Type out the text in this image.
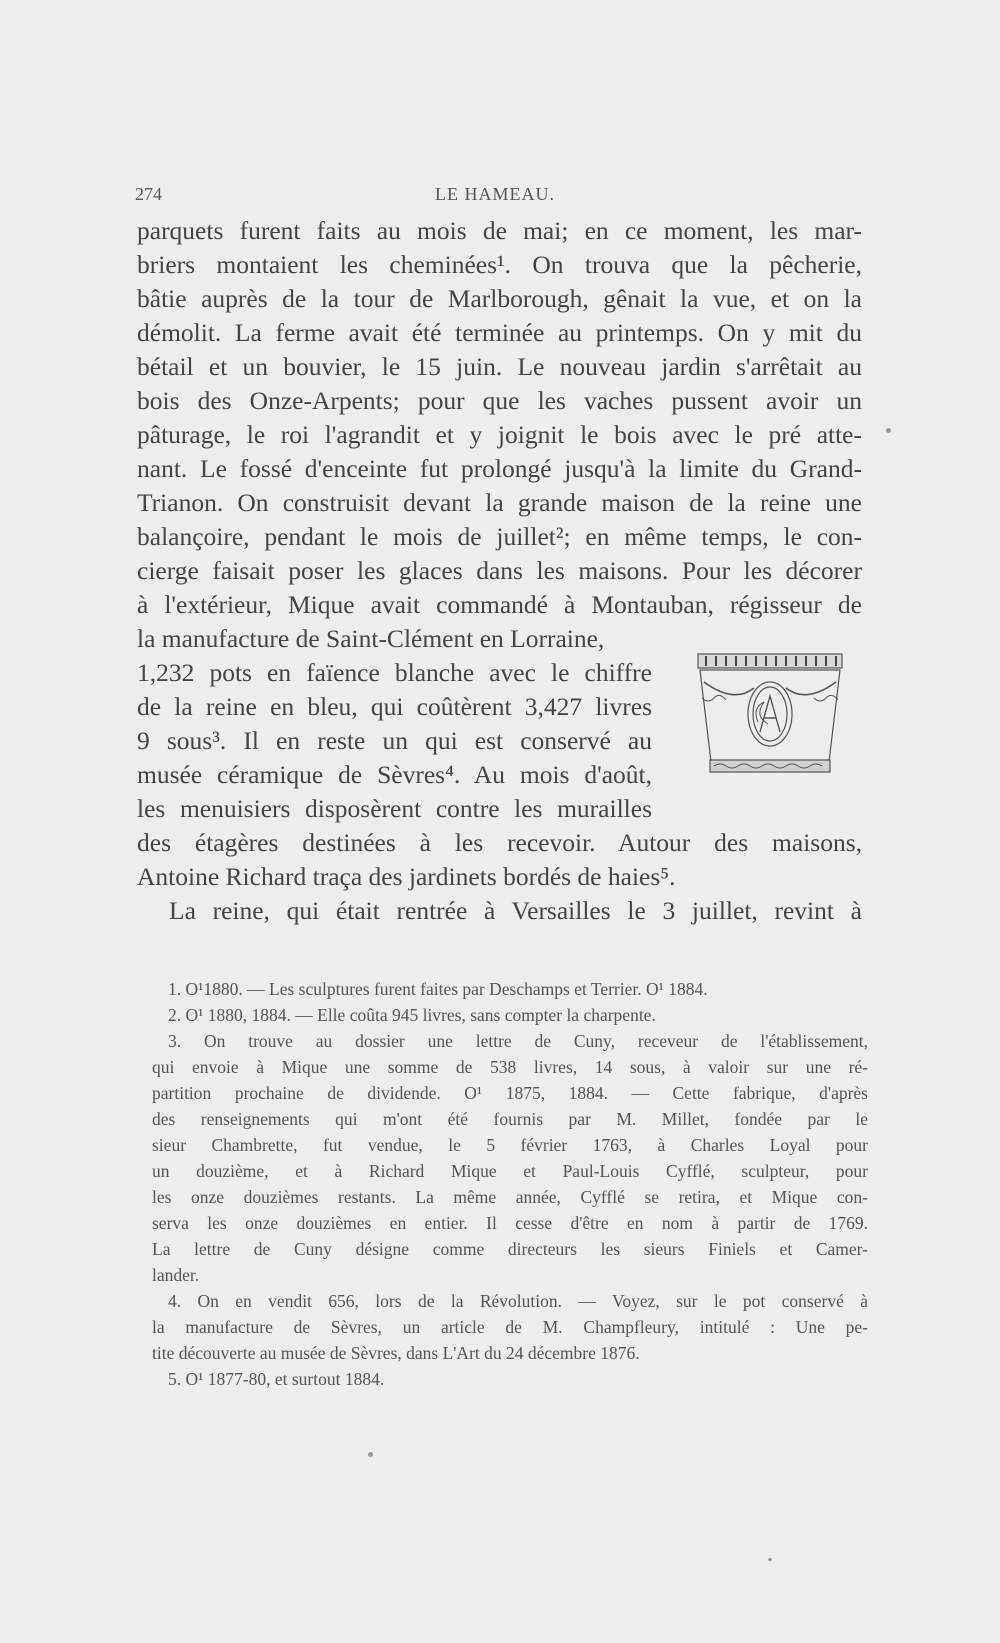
274	LE HAMEAU.
parquets furent faits au mois de mai; en ce moment, les mar-
briers montaient les cheminées¹. On trouva que la pêcherie,
bâtie auprès de la tour de Marlborough, gênait la vue, et on la
démolit. La ferme avait été terminée au printemps. On y mit du
bétail et un bouvier, le 15 juin. Le nouveau jardin s'arrêtait au
bois des Onze-Arpents; pour que les vaches pussent avoir un
pâturage, le roi l'agrandit et y joignit le bois avec le pré atte-
nant. Le fossé d'enceinte fut prolongé jusqu'à la limite du Grand-
Trianon. On construisit devant la grande maison de la reine une
balançoire, pendant le mois de juillet²; en même temps, le con-
cierge faisait poser les glaces dans les maisons. Pour les décorer
à l'extérieur, Mique avait commandé à Montauban, régisseur de
la manufacture de Saint-Clément en Lorraine,
1,232 pots en faïence blanche avec le chiffre
de la reine en bleu, qui coûtèrent 3,427 livres
9 sous³. Il en reste un qui est conservé au
musée céramique de Sèvres⁴. Au mois d'août,
les menuisiers disposèrent contre les murailles
des étagères destinées à les recevoir. Autour des maisons,
Antoine Richard traça des jardinets bordés de haies⁵.
La reine, qui était rentrée à Versailles le 3 juillet, revint à
1. O¹1880. — Les sculptures furent faites par Deschamps et Terrier. O¹ 1884.
2. O¹ 1880, 1884. — Elle coûta 945 livres, sans compter la charpente.
3. On trouve au dossier une lettre de Cuny, receveur de l'établissement,
qui envoie à Mique une somme de 538 livres, 14 sous, à valoir sur une ré-
partition prochaine de dividende. O¹ 1875, 1884. — Cette fabrique, d'après
des renseignements qui m'ont été fournis par M. Millet, fondée par le
sieur Chambrette, fut vendue, le 5 février 1763, à Charles Loyal pour
un douzième, et à Richard Mique et Paul-Louis Cyfflé, sculpteur, pour
les onze douzièmes restants. La même année, Cyfflé se retira, et Mique con-
serva les onze douzièmes en entier. Il cesse d'être en nom à partir de 1769.
La lettre de Cuny désigne comme directeurs les sieurs Finiels et Camer-
lander.
4. On en vendit 656, lors de la Révolution. — Voyez, sur le pot conservé à
la manufacture de Sèvres, un article de M. Champfleury, intitulé : Une pe-
tite découverte au musée de Sèvres, dans L'Art du 24 décembre 1876.
5. O¹ 1877-80, et surtout 1884.
